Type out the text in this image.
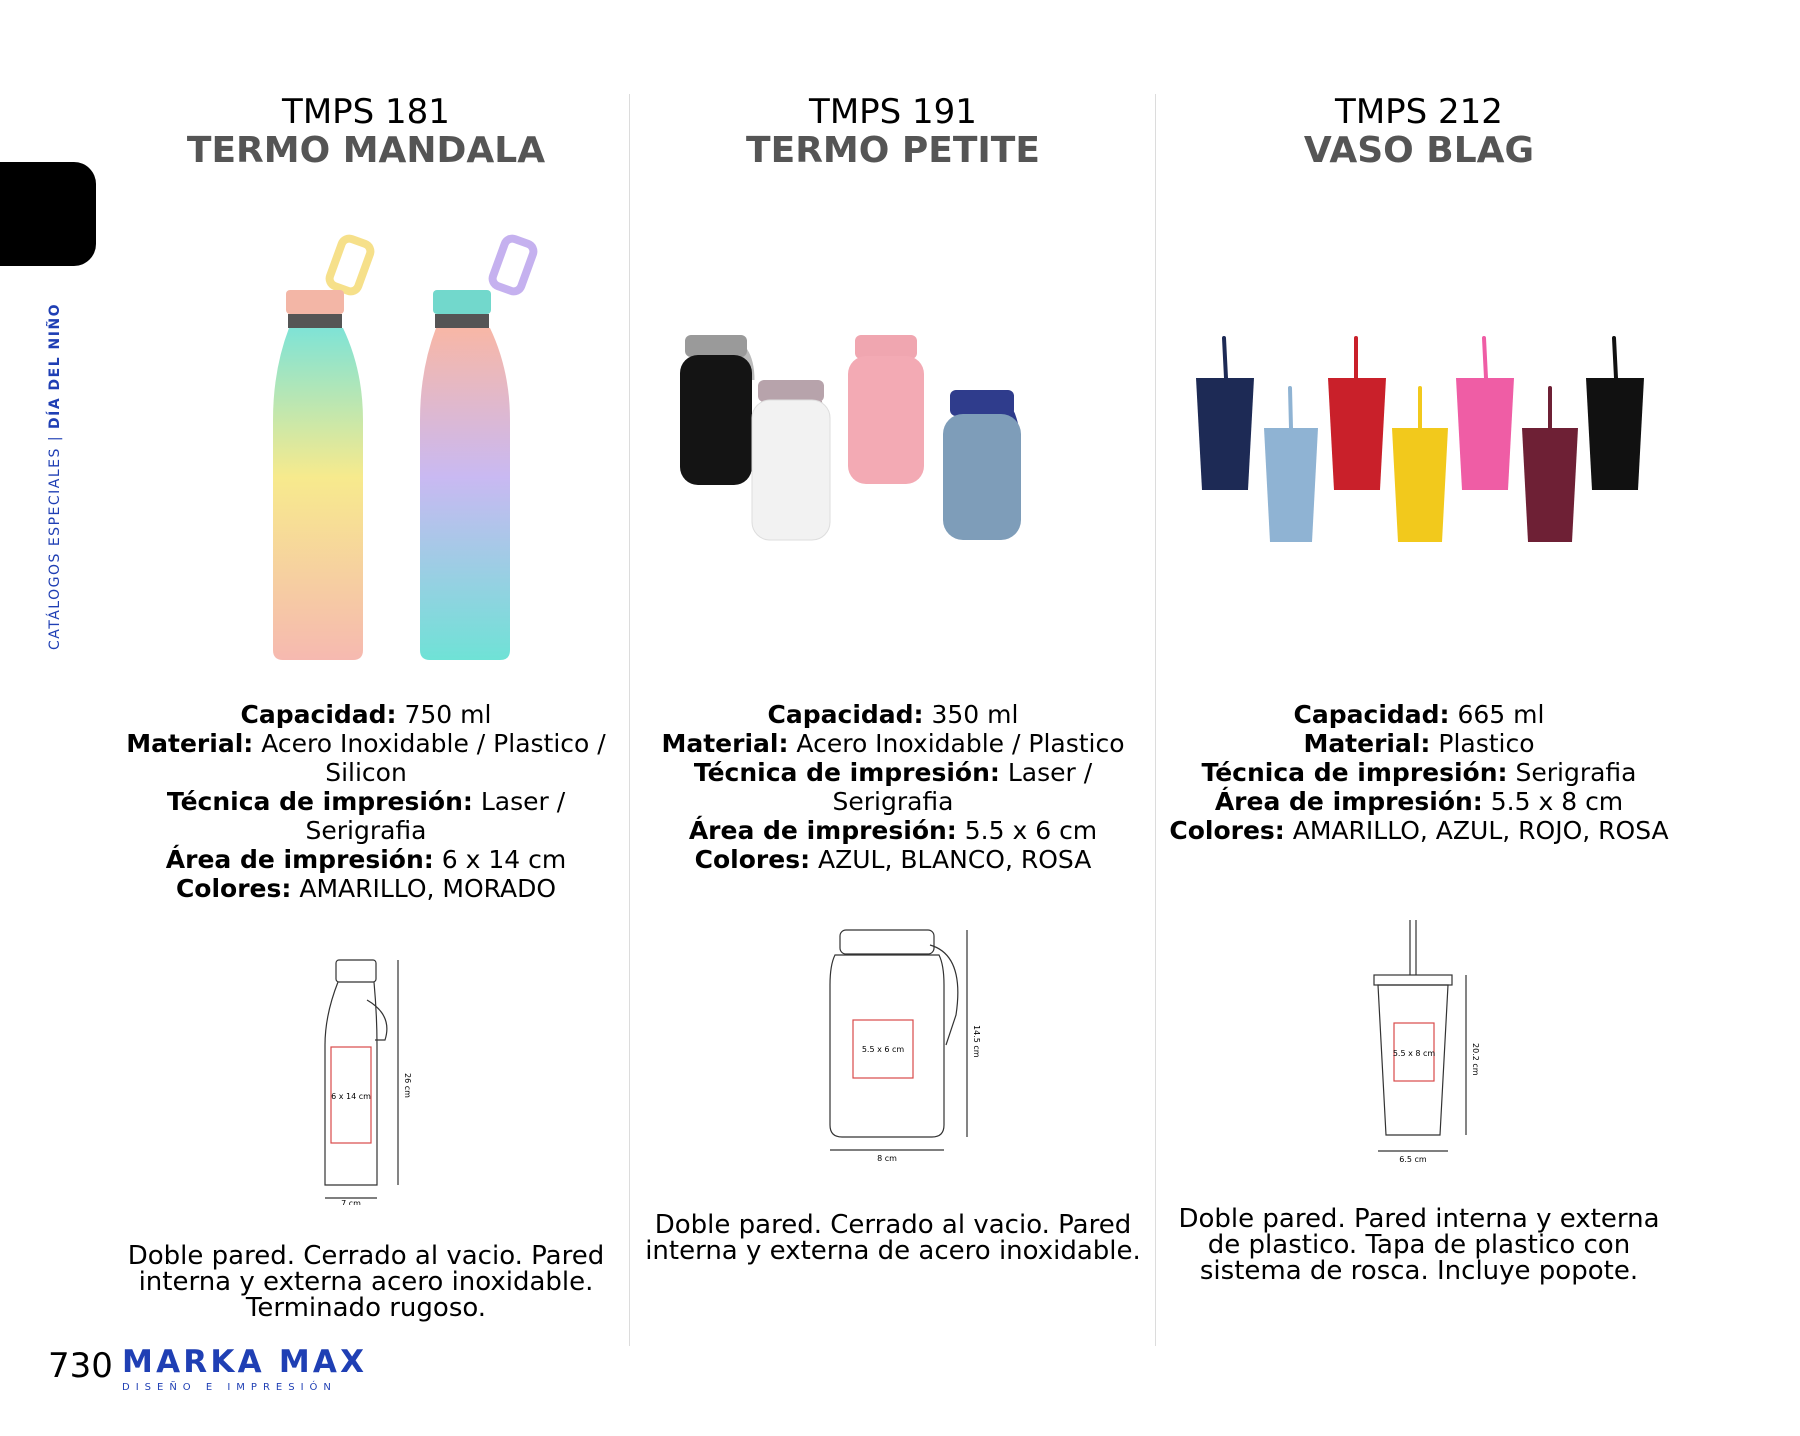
CATÁLOGOS ESPECIALES | DÍA DEL NIÑO
TMPS 181
TERMO MANDALA
Capacidad: 750 ml
Material: Acero Inoxidable / Plastico / Silicon
Técnica de impresión: Laser / Serigrafia
Área de impresión: 6 x 14 cm
Colores: AMARILLO, MORADO
6 x 14 cm	26 cm
7 cm
Doble pared. Cerrado al vacio. Pared interna y externa acero inoxidable. Terminado rugoso.
TMPS 191
TERMO PETITE
Capacidad: 350 ml
Material: Acero Inoxidable / Plastico
Técnica de impresión: Laser / Serigrafia
Área de impresión: 5.5 x 6 cm
Colores: AZUL, BLANCO, ROSA
5.5 x 6 cm	14.5 cm
8 cm
Doble pared. Cerrado al vacio. Pared interna y externa de acero inoxidable.
TMPS 212
VASO BLAG
Capacidad: 665 ml
Material: Plastico
Técnica de impresión: Serigrafia
Área de impresión: 5.5 x 8 cm
Colores: AMARILLO, AZUL, ROJO, ROSA
5.5 x 8 cm	20.2 cm
6.5 cm
Doble pared. Pared interna y externa de plastico. Tapa de plastico con sistema de rosca. Incluye popote.
730 MARKA MAX
DISEÑO E IMPRESIÓN
